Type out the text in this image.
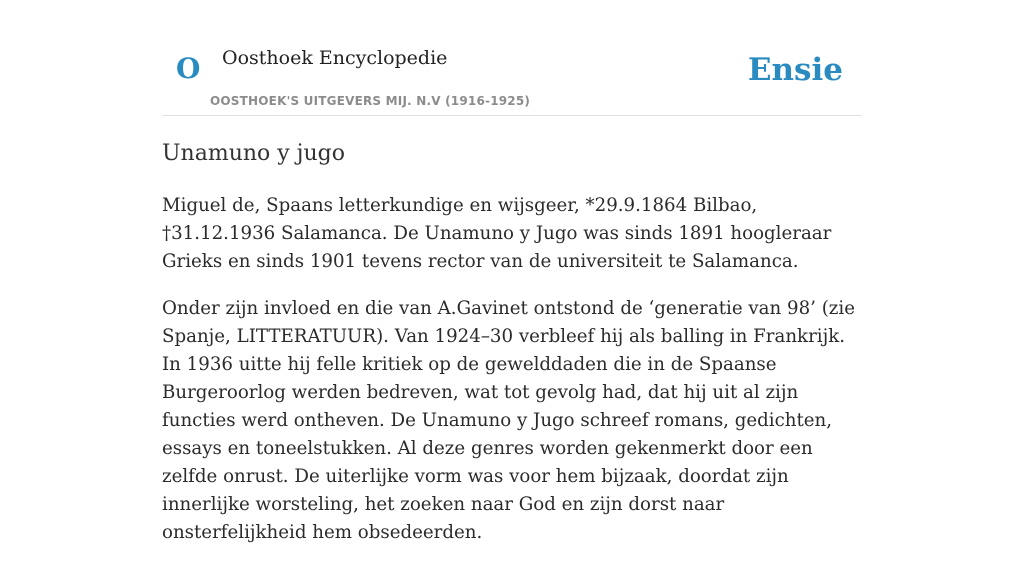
O Oosthoek Encyclopedie
OOSTHOEK'S UITGEVERS MIJ. N.V (1916-1925)
Ensie
Unamuno y jugo

Miguel de, Spaans letterkundige en wijsgeer, *29.9.1864 Bilbao, †31.12.1936 Salamanca. De Unamuno y Jugo was sinds 1891 hoogleraar Grieks en sinds 1901 tevens rector van de universiteit te Salamanca.

Onder zijn invloed en die van A.Gavinet ontstond de ‘generatie van 98’ (zie Spanje, LITTERATUUR). Van 1924–30 verbleef hij als balling in Frankrijk. In 1936 uitte hij felle kritiek op de gewelddaden die in de Spaanse Burgeroorlog werden bedreven, wat tot gevolg had, dat hij uit al zijn functies werd ontheven. De Unamuno y Jugo schreef romans, gedichten, essays en toneelstukken. Al deze genres worden gekenmerkt door een zelfde onrust. De uiterlijke vorm was voor hem bijzaak, doordat zijn innerlijke worsteling, het zoeken naar God en zijn dorst naar onsterfelijkheid hem obsedeerden.
